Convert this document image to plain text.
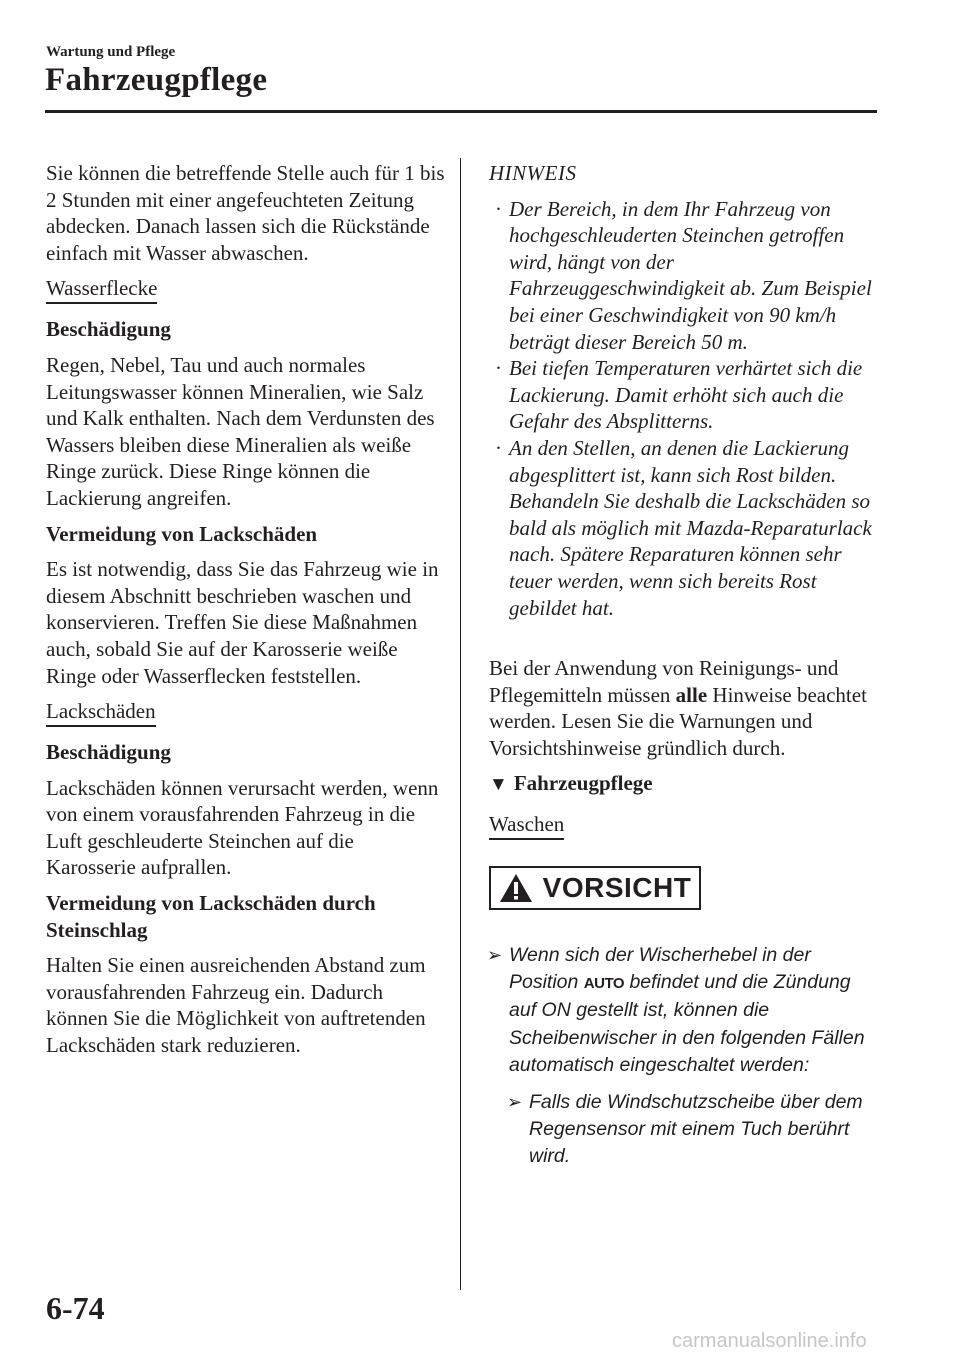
Wartung und Pflege
Fahrzeugpflege

Sie können die betreffende Stelle auch für 1 bis 2 Stunden mit einer angefeuchteten Zeitung abdecken. Danach lassen sich die Rückstände einfach mit Wasser abwaschen.

Wasserflecke

Beschädigung

Regen, Nebel, Tau und auch normales Leitungswasser können Mineralien, wie Salz und Kalk enthalten. Nach dem Verdunsten des Wassers bleiben diese Mineralien als weiße Ringe zurück. Diese Ringe können die Lackierung angreifen.

Vermeidung von Lackschäden

Es ist notwendig, dass Sie das Fahrzeug wie in diesem Abschnitt beschrieben waschen und konservieren. Treffen Sie diese Maßnahmen auch, sobald Sie auf der Karosserie weiße Ringe oder Wasserflecken feststellen.

Lackschäden

Beschädigung

Lackschäden können verursacht werden, wenn von einem vorausfahrenden Fahrzeug in die Luft geschleuderte Steinchen auf die Karosserie aufprallen.

Vermeidung von Lackschäden durch Steinschlag

Halten Sie einen ausreichenden Abstand zum vorausfahrenden Fahrzeug ein. Dadurch können Sie die Möglichkeit von auftretenden Lackschäden stark reduzieren.

HINWEIS

· Der Bereich, in dem Ihr Fahrzeug von hochgeschleuderten Steinchen getroffen wird, hängt von der Fahrzeuggeschwindigkeit ab. Zum Beispiel bei einer Geschwindigkeit von 90 km/h beträgt dieser Bereich 50 m.

· Bei tiefen Temperaturen verhärtet sich die Lackierung. Damit erhöht sich auch die Gefahr des Absplitterns.

· An den Stellen, an denen die Lackierung abgesplittert ist, kann sich Rost bilden. Behandeln Sie deshalb die Lackschäden so bald als möglich mit Mazda-Reparaturlack nach. Spätere Reparaturen können sehr teuer werden, wenn sich bereits Rost gebildet hat.

Bei der Anwendung von Reinigungs- und Pflegemitteln müssen alle Hinweise beachtet werden. Lesen Sie die Warnungen und Vorsichtshinweise gründlich durch.

▼ Fahrzeugpflege

Waschen
VORSICHT

➢ Wenn sich der Wischerhebel in der Position AUTO befindet und die Zündung auf ON gestellt ist, können die Scheibenwischer in den folgenden Fällen automatisch eingeschaltet werden:

➢ Falls die Windschutzscheibe über dem Regensensor mit einem Tuch berührt wird.

6-74
carmanualsonline.info
